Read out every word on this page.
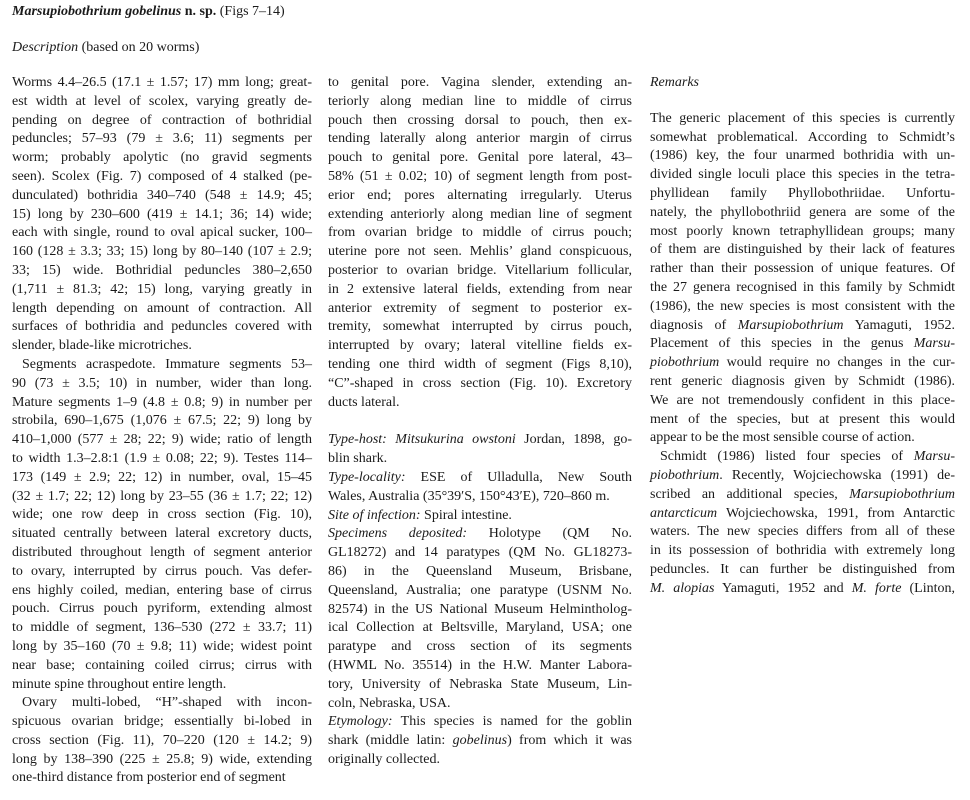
Marsupiobothrium gobelinus n. sp. (Figs 7–14)
Description (based on 20 worms)
Worms 4.4–26.5 (17.1 ± 1.57; 17) mm long; great-
est width at level of scolex, varying greatly de-
pending on degree of contraction of bothridial
peduncles; 57–93 (79 ± 3.6; 11) segments per
worm; probably apolytic (no gravid segments
seen). Scolex (Fig. 7) composed of 4 stalked (pe-
dunculated) bothridia 340–740 (548 ± 14.9; 45;
15) long by 230–600 (419 ± 14.1; 36; 14) wide;
each with single, round to oval apical sucker, 100–
160 (128 ± 3.3; 33; 15) long by 80–140 (107 ± 2.9;
33; 15) wide. Bothridial peduncles 380–2,650
(1,711 ± 81.3; 42; 15) long, varying greatly in
length depending on amount of contraction. All
surfaces of bothridia and peduncles covered with
slender, blade-like microtriches.
Segments acraspedote. Immature segments 53–
90 (73 ± 3.5; 10) in number, wider than long.
Mature segments 1–9 (4.8 ± 0.8; 9) in number per
strobila, 690–1,675 (1,076 ± 67.5; 22; 9) long by
410–1,000 (577 ± 28; 22; 9) wide; ratio of length
to width 1.3–2.8:1 (1.9 ± 0.08; 22; 9). Testes 114–
173 (149 ± 2.9; 22; 12) in number, oval, 15–45
(32 ± 1.7; 22; 12) long by 23–55 (36 ± 1.7; 22; 12)
wide; one row deep in cross section (Fig. 10),
situated centrally between lateral excretory ducts,
distributed throughout length of segment anterior
to ovary, interrupted by cirrus pouch. Vas defer-
ens highly coiled, median, entering base of cirrus
pouch. Cirrus pouch pyriform, extending almost
to middle of segment, 136–530 (272 ± 33.7; 11)
long by 35–160 (70 ± 9.8; 11) wide; widest point
near base; containing coiled cirrus; cirrus with
minute spine throughout entire length.
Ovary multi-lobed, “H”-shaped with incon-
spicuous ovarian bridge; essentially bi-lobed in
cross section (Fig. 11), 70–220 (120 ± 14.2; 9)
long by 138–390 (225 ± 25.8; 9) wide, extending
one-third distance from posterior end of segment
to genital pore. Vagina slender, extending an-
teriorly along median line to middle of cirrus
pouch then crossing dorsal to pouch, then ex-
tending laterally along anterior margin of cirrus
pouch to genital pore. Genital pore lateral, 43–
58% (51 ± 0.02; 10) of segment length from post-
erior end; pores alternating irregularly. Uterus
extending anteriorly along median line of segment
from ovarian bridge to middle of cirrus pouch;
uterine pore not seen. Mehlis’ gland conspicuous,
posterior to ovarian bridge. Vitellarium follicular,
in 2 extensive lateral fields, extending from near
anterior extremity of segment to posterior ex-
tremity, somewhat interrupted by cirrus pouch,
interrupted by ovary; lateral vitelline fields ex-
tending one third width of segment (Figs 8,10),
“C”-shaped in cross section (Fig. 10). Excretory
ducts lateral.
Type-host: Mitsukurina owstoni Jordan, 1898, go-
blin shark.
Type-locality: ESE of Ulladulla, New South
Wales, Australia (35°39′S, 150°43′E), 720–860 m.
Site of infection: Spiral intestine.
Specimens deposited: Holotype (QM No.
GL18272) and 14 paratypes (QM No. GL18273-
86) in the Queensland Museum, Brisbane,
Queensland, Australia; one paratype (USNM No.
82574) in the US National Museum Helmintholog-
ical Collection at Beltsville, Maryland, USA; one
paratype and cross section of its segments
(HWML No. 35514) in the H.W. Manter Labora-
tory, University of Nebraska State Museum, Lin-
coln, Nebraska, USA.
Etymology: This species is named for the goblin
shark (middle latin: gobelinus) from which it was
originally collected.
Remarks
The generic placement of this species is currently
somewhat problematical. According to Schmidt’s
(1986) key, the four unarmed bothridia with un-
divided single loculi place this species in the tetra-
phyllidean family Phyllobothriidae. Unfortu-
nately, the phyllobothriid genera are some of the
most poorly known tetraphyllidean groups; many
of them are distinguished by their lack of features
rather than their possession of unique features. Of
the 27 genera recognised in this family by Schmidt
(1986), the new species is most consistent with the
diagnosis of Marsupiobothrium Yamaguti, 1952.
Placement of this species in the genus Marsu-
piobothrium would require no changes in the cur-
rent generic diagnosis given by Schmidt (1986).
We are not tremendously confident in this place-
ment of the species, but at present this would
appear to be the most sensible course of action.
Schmidt (1986) listed four species of Marsu-
piobothrium. Recently, Wojciechowska (1991) de-
scribed an additional species, Marsupiobothrium
antarcticum Wojciechowska, 1991, from Antarctic
waters. The new species differs from all of these
in its possession of bothridia with extremely long
peduncles. It can further be distinguished from
M. alopias Yamaguti, 1952 and M. forte (Linton,
